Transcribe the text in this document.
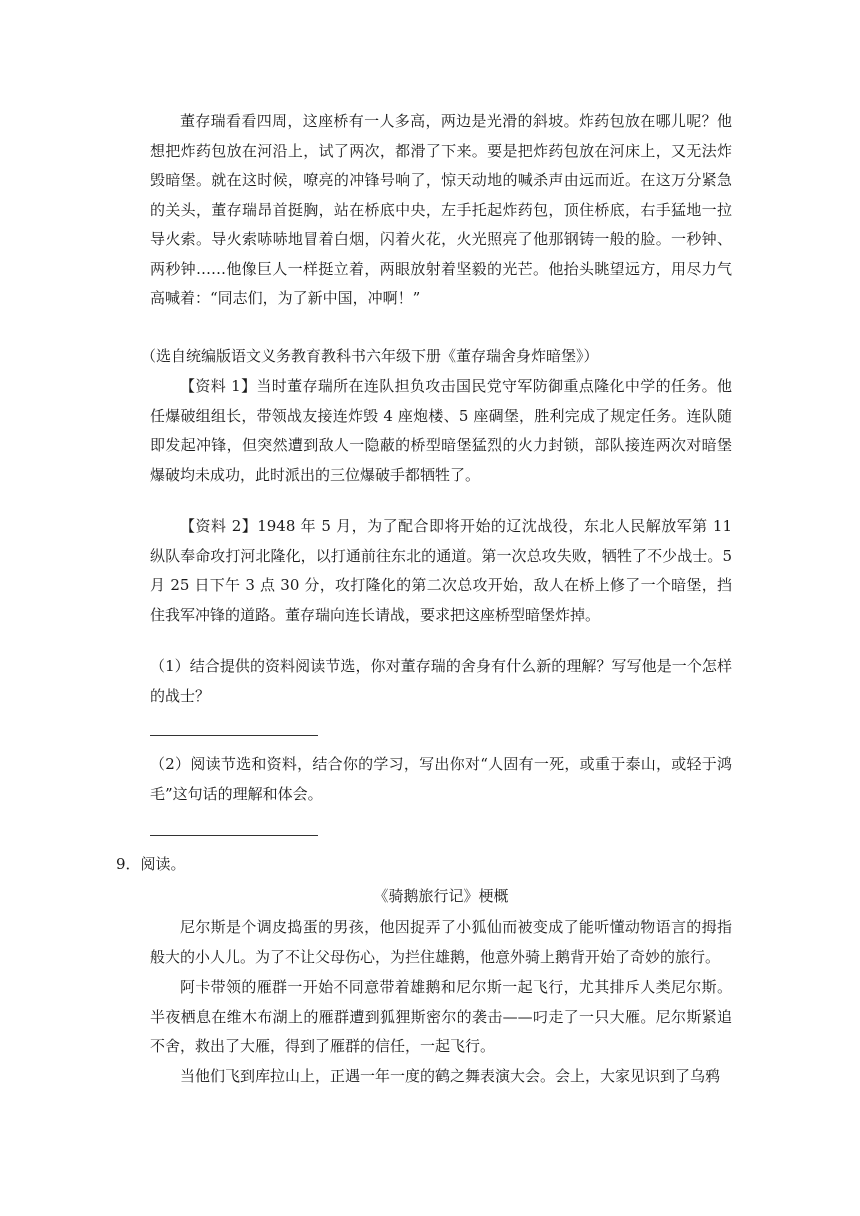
董存瑞看看四周，这座桥有一人多高，两边是光滑的斜坡。炸药包放在哪儿呢？他想把炸药包放在河沿上，试了两次，都滑了下来。要是把炸药包放在河床上，又无法炸毁暗堡。就在这时候，嘹亮的冲锋号响了，惊天动地的喊杀声由远而近。在这万分紧急的关头，董存瑞昂首挺胸，站在桥底中央，左手托起炸药包，顶住桥底，右手猛地一拉导火索。导火索哧哧地冒着白烟，闪着火花，火光照亮了他那钢铸一般的脸。一秒钟、两秒钟……他像巨人一样挺立着，两眼放射着坚毅的光芒。他抬头眺望远方，用尽力气高喊着：“同志们，为了新中国，冲啊！”

（选自统编版语文义务教育教科书六年级下册《董存瑞舍身炸暗堡》）

【资料 1】当时董存瑞所在连队担负攻击国民党守军防御重点隆化中学的任务。他任爆破组组长，带领战友接连炸毁 4 座炮楼、5 座碉堡，胜利完成了规定任务。连队随即发起冲锋，但突然遭到敌人一隐蔽的桥型暗堡猛烈的火力封锁，部队接连两次对暗堡爆破均未成功，此时派出的三位爆破手都牺牲了。

【资料 2】1948 年 5 月，为了配合即将开始的辽沈战役，东北人民解放军第 11 纵队奉命攻打河北隆化，以打通前往东北的通道。第一次总攻失败，牺牲了不少战士。5 月 25 日下午 3 点 30 分，攻打隆化的第二次总攻开始，敌人在桥上修了一个暗堡，挡住我军冲锋的道路。董存瑞向连长请战，要求把这座桥型暗堡炸掉。

（1）结合提供的资料阅读节选，你对董存瑞的舍身有什么新的理解？写写他是一个怎样的战士？

（2）阅读节选和资料，结合你的学习，写出你对“人固有一死，或重于泰山，或轻于鸿毛”这句话的理解和体会。

9．阅读。
《骑鹅旅行记》梗概

尼尔斯是个调皮捣蛋的男孩，他因捉弄了小狐仙而被变成了能听懂动物语言的拇指般大的小人儿。为了不让父母伤心，为拦住雄鹅，他意外骑上鹅背开始了奇妙的旅行。

阿卡带领的雁群一开始不同意带着雄鹅和尼尔斯一起飞行，尤其排斥人类尼尔斯。半夜栖息在维木布湖上的雁群遭到狐狸斯密尔的袭击——叼走了一只大雁。尼尔斯紧追不舍，救出了大雁，得到了雁群的信任，一起飞行。

当他们飞到库拉山上，正遇一年一度的鹤之舞表演大会。会上，大家见识到了乌鸦
